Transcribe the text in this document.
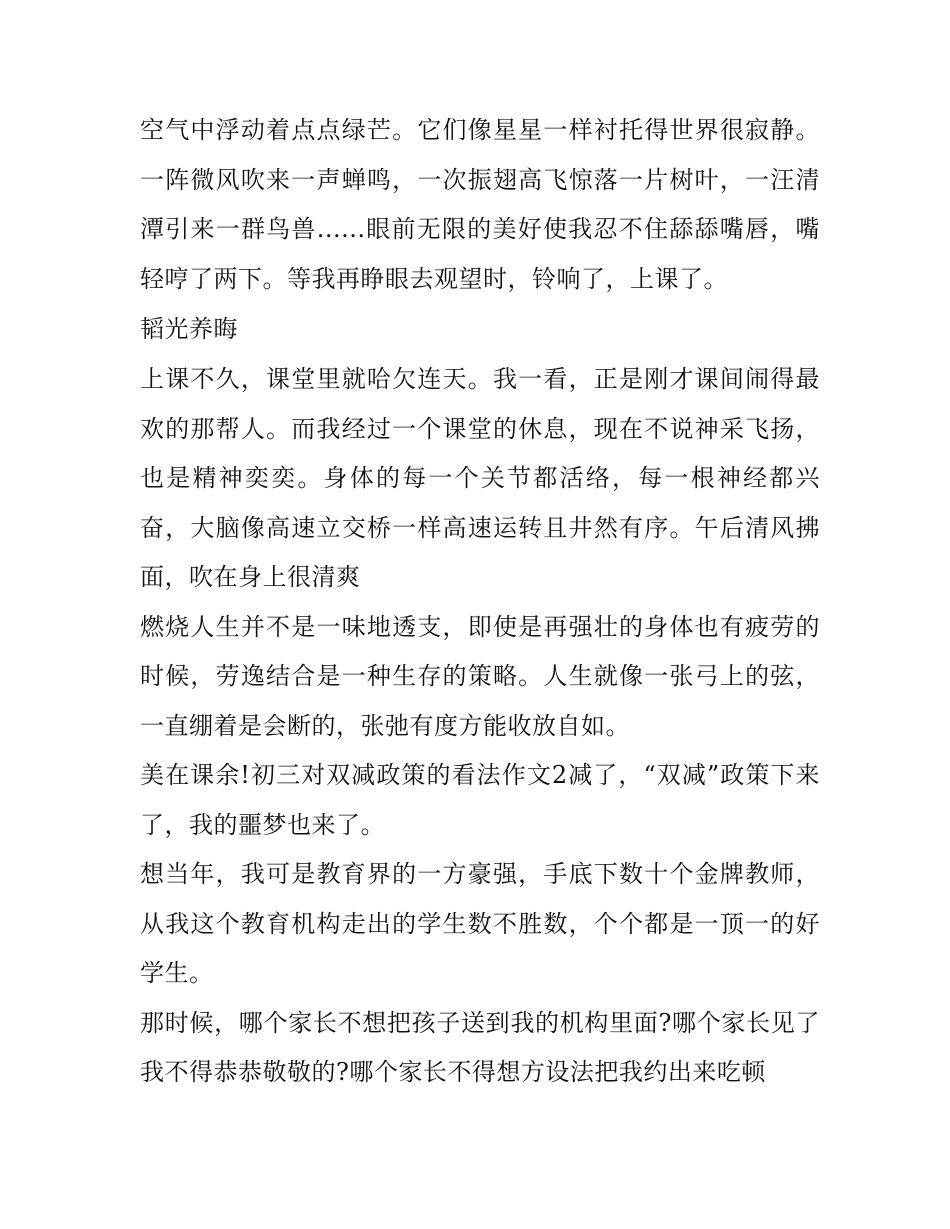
空气中浮动着点点绿芒。它们像星星一样衬托得世界很寂静。一阵微风吹来一声蝉鸣，一次振翅高飞惊落一片树叶，一汪清潭引来一群鸟兽......眼前无限的美好使我忍不住舔舔嘴唇，嘴轻哼了两下。等我再睁眼去观望时，铃响了，上课了。

韬光养晦

上课不久，课堂里就哈欠连天。我一看，正是刚才课间闹得最欢的那帮人。而我经过一个课堂的休息，现在不说神采飞扬，也是精神奕奕。身体的每一个关节都活络，每一根神经都兴奋，大脑像高速立交桥一样高速运转且井然有序。午后清风拂面，吹在身上很清爽

燃烧人生并不是一味地透支，即使是再强壮的身体也有疲劳的时候，劳逸结合是一种生存的策略。人生就像一张弓上的弦，一直绷着是会断的，张弛有度方能收放自如。

美在课余!初三对双减政策的看法作文2减了，“双减”政策下来了，我的噩梦也来了。

想当年，我可是教育界的一方豪强，手底下数十个金牌教师，从我这个教育机构走出的学生数不胜数，个个都是一顶一的好学生。

那时候，哪个家长不想把孩子送到我的机构里面?哪个家长见了我不得恭恭敬敬的?哪个家长不得想方设法把我约出来吃顿
